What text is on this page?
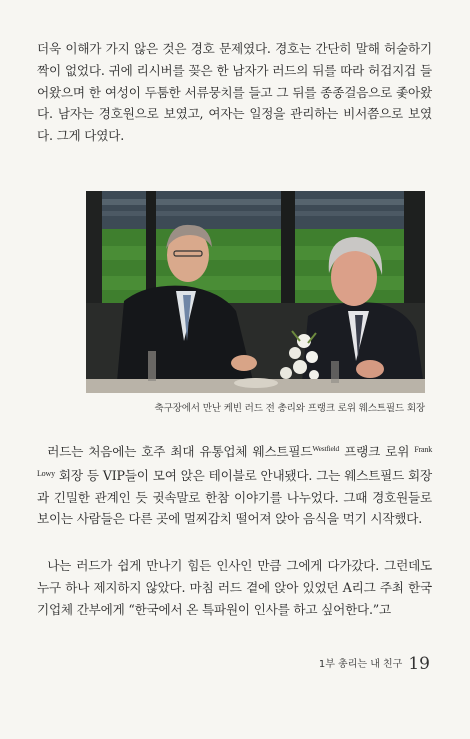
더욱 이해가 가지 않은 것은 경호 문제였다. 경호는 간단히 말해 허술하기 짝이 없었다. 귀에 리시버를 꽂은 한 남자가 러드의 뒤를 따라 허겁지겁 들어왔으며 한 여성이 두툼한 서류뭉치를 들고 그 뒤를 종종걸음으로 좇아왔다. 남자는 경호원으로 보였고, 여자는 일정을 관리하는 비서쯤으로 보였다. 그게 다였다.

축구장에서 만난 케빈 러드 전 총리와 프랭크 로위 웨스트필드 회장

러드는 처음에는 호주 최대 유통업체 웨스트필드$^{Westfield}$ 프랭크 로위 $^{Frank Lowy}$ 회장 등 VIP들이 모여 앉은 테이블로 안내됐다. 그는 웨스트필드 회장과 긴밀한 관계인 듯 귓속말로 한참 이야기를 나누었다. 그때 경호원들로 보이는 사람들은 다른 곳에 멀찌감치 떨어져 앉아 음식을 먹기 시작했다.

나는 러드가 쉽게 만나기 힘든 인사인 만큼 그에게 다가갔다. 그런데도 누구 하나 제지하지 않았다. 마침 러드 곁에 앉아 있었던 A리그 주최 한국 기업체 간부에게 “한국에서 온 특파원이 인사를 하고 싶어한다.”고

1부 총리는 내 친구 19
